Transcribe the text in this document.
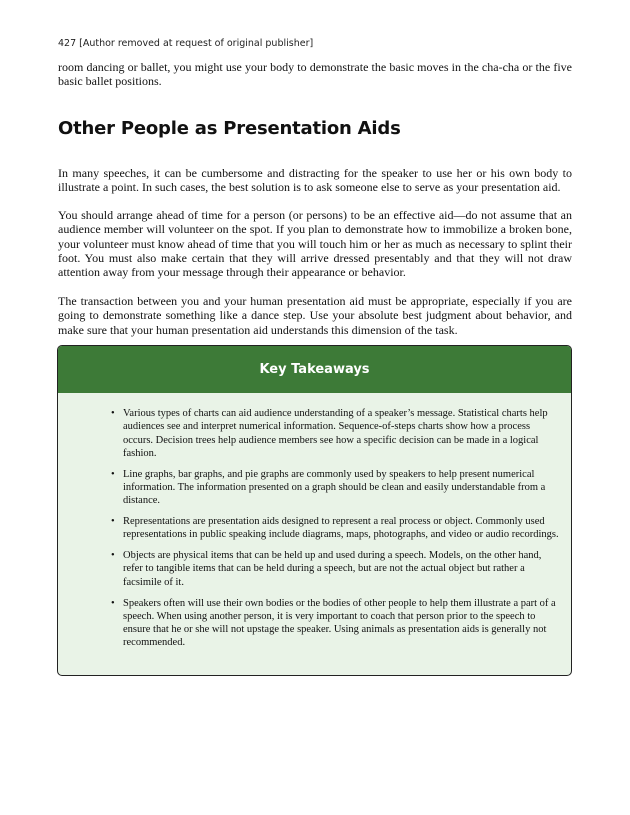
427 [Author removed at request of original publisher]

room dancing or ballet, you might use your body to demonstrate the basic moves in the cha-cha or the five basic ballet positions.

Other People as Presentation Aids

In many speeches, it can be cumbersome and distracting for the speaker to use her or his own body to illustrate a point. In such cases, the best solution is to ask someone else to serve as your presentation aid.

You should arrange ahead of time for a person (or persons) to be an effective aid—do not assume that an audience member will volunteer on the spot. If you plan to demonstrate how to immobilize a broken bone, your volunteer must know ahead of time that you will touch him or her as much as necessary to splint their foot. You must also make certain that they will arrive dressed presentably and that they will not draw attention away from your message through their appearance or behavior.

The transaction between you and your human presentation aid must be appropriate, especially if you are going to demonstrate something like a dance step. Use your absolute best judgment about behavior, and make sure that your human presentation aid understands this dimension of the task.

Key Takeaways
• Various types of charts can aid audience understanding of a speaker’s message. Statistical charts help audiences see and interpret numerical information. Sequence-of-steps charts show how a process occurs. Decision trees help audience members see how a specific decision can be made in a logical fashion.
• Line graphs, bar graphs, and pie graphs are commonly used by speakers to help present numerical information. The information presented on a graph should be clean and easily understandable from a distance.
• Representations are presentation aids designed to represent a real process or object. Commonly used representations in public speaking include diagrams, maps, photographs, and video or audio recordings.
• Objects are physical items that can be held up and used during a speech. Models, on the other hand, refer to tangible items that can be held during a speech, but are not the actual object but rather a facsimile of it.
• Speakers often will use their own bodies or the bodies of other people to help them illustrate a part of a speech. When using another person, it is very important to coach that person prior to the speech to ensure that he or she will not upstage the speaker. Using animals as presentation aids is generally not recommended.
